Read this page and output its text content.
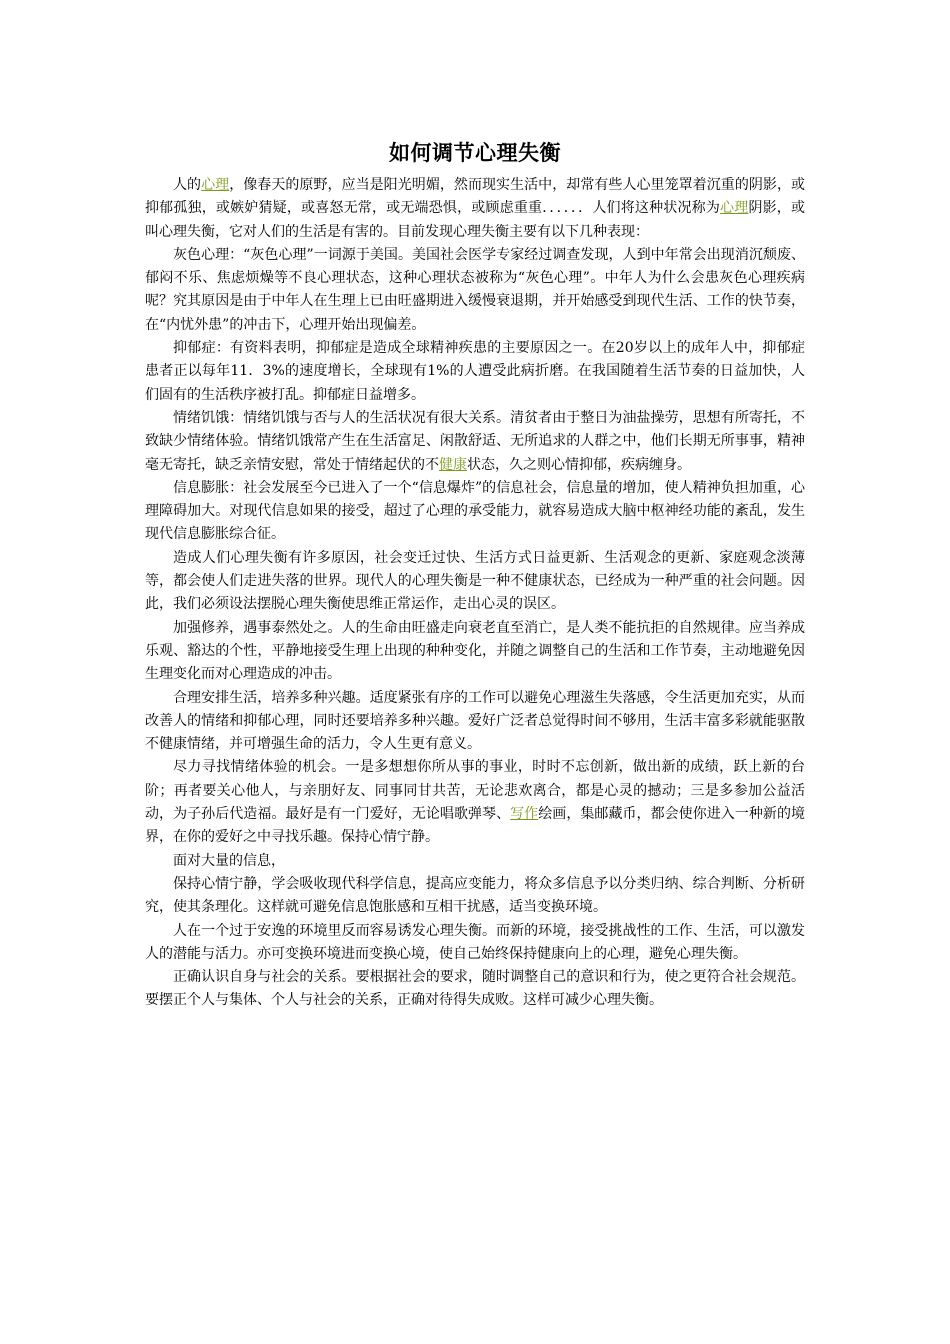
如何调节心理失衡

人的心理，像春天的原野，应当是阳光明媚，然而现实生活中，却常有些人心里笼罩着沉重的阴影，或抑郁孤独，或嫉妒猜疑，或喜怒无常，或无端恐惧，或顾虑重重．．．．．．人们将这种状况称为心理阴影，或叫心理失衡，它对人们的生活是有害的。目前发现心理失衡主要有以下几种表现：

灰色心理：“灰色心理”一词源于美国。美国社会医学专家经过调查发现，人到中年常会出现消沉颓废、郁闷不乐、焦虑烦燥等不良心理状态，这种心理状态被称为“灰色心理”。中年人为什么会患灰色心理疾病呢？究其原因是由于中年人在生理上已由旺盛期进入缓慢衰退期，并开始感受到现代生活、工作的快节奏，在“内忧外患”的冲击下，心理开始出现偏差。

抑郁症：有资料表明，抑郁症是造成全球精神疾患的主要原因之一。在20岁以上的成年人中，抑郁症患者正以每年11．3%的速度增长，全球现有1%的人遭受此病折磨。在我国随着生活节奏的日益加快，人们固有的生活秩序被打乱。抑郁症日益增多。

情绪饥饿：情绪饥饿与否与人的生活状况有很大关系。清贫者由于整日为油盐操劳，思想有所寄托，不致缺少情绪体验。情绪饥饿常产生在生活富足、闲散舒适、无所追求的人群之中，他们长期无所事事，精神毫无寄托，缺乏亲情安慰，常处于情绪起伏的不健康状态，久之则心情抑郁，疾病缠身。

信息膨胀：社会发展至今已进入了一个“信息爆炸”的信息社会，信息量的增加，使人精神负担加重，心理障碍加大。对现代信息如果的接受，超过了心理的承受能力，就容易造成大脑中枢神经功能的紊乱，发生现代信息膨胀综合征。

造成人们心理失衡有许多原因，社会变迁过快、生活方式日益更新、生活观念的更新、家庭观念淡薄等，都会使人们走进失落的世界。现代人的心理失衡是一种不健康状态，已经成为一种严重的社会问题。因此，我们必须设法摆脱心理失衡使思维正常运作，走出心灵的误区。

加强修养，遇事泰然处之。人的生命由旺盛走向衰老直至消亡，是人类不能抗拒的自然规律。应当养成乐观、豁达的个性，平静地接受生理上出现的种种变化，并随之调整自己的生活和工作节奏，主动地避免因生理变化而对心理造成的冲击。

合理安排生活，培养多种兴趣。适度紧张有序的工作可以避免心理滋生失落感，令生活更加充实，从而改善人的情绪和抑郁心理，同时还要培养多种兴趣。爱好广泛者总觉得时间不够用，生活丰富多彩就能驱散不健康情绪，并可增强生命的活力，令人生更有意义。

尽力寻找情绪体验的机会。一是多想想你所从事的事业，时时不忘创新，做出新的成绩，跃上新的台阶；再者要关心他人，与亲朋好友、同事同甘共苦，无论悲欢离合，都是心灵的撼动；三是多参加公益活动，为子孙后代造福。最好是有一门爱好，无论唱歌弹琴、写作绘画，集邮藏币，都会使你进入一种新的境界，在你的爱好之中寻找乐趣。保持心情宁静。

面对大量的信息，

保持心情宁静，学会吸收现代科学信息，提高应变能力，将众多信息予以分类归纳、综合判断、分析研究，使其条理化。这样就可避免信息饱胀感和互相干扰感，适当变换环境。

人在一个过于安逸的环境里反而容易诱发心理失衡。而新的环境，接受挑战性的工作、生活，可以激发人的潜能与活力。亦可变换环境进而变换心境，使自己始终保持健康向上的心理，避免心理失衡。

正确认识自身与社会的关系。要根据社会的要求，随时调整自己的意识和行为，使之更符合社会规范。要摆正个人与集体、个人与社会的关系，正确对待得失成败。这样可减少心理失衡。
